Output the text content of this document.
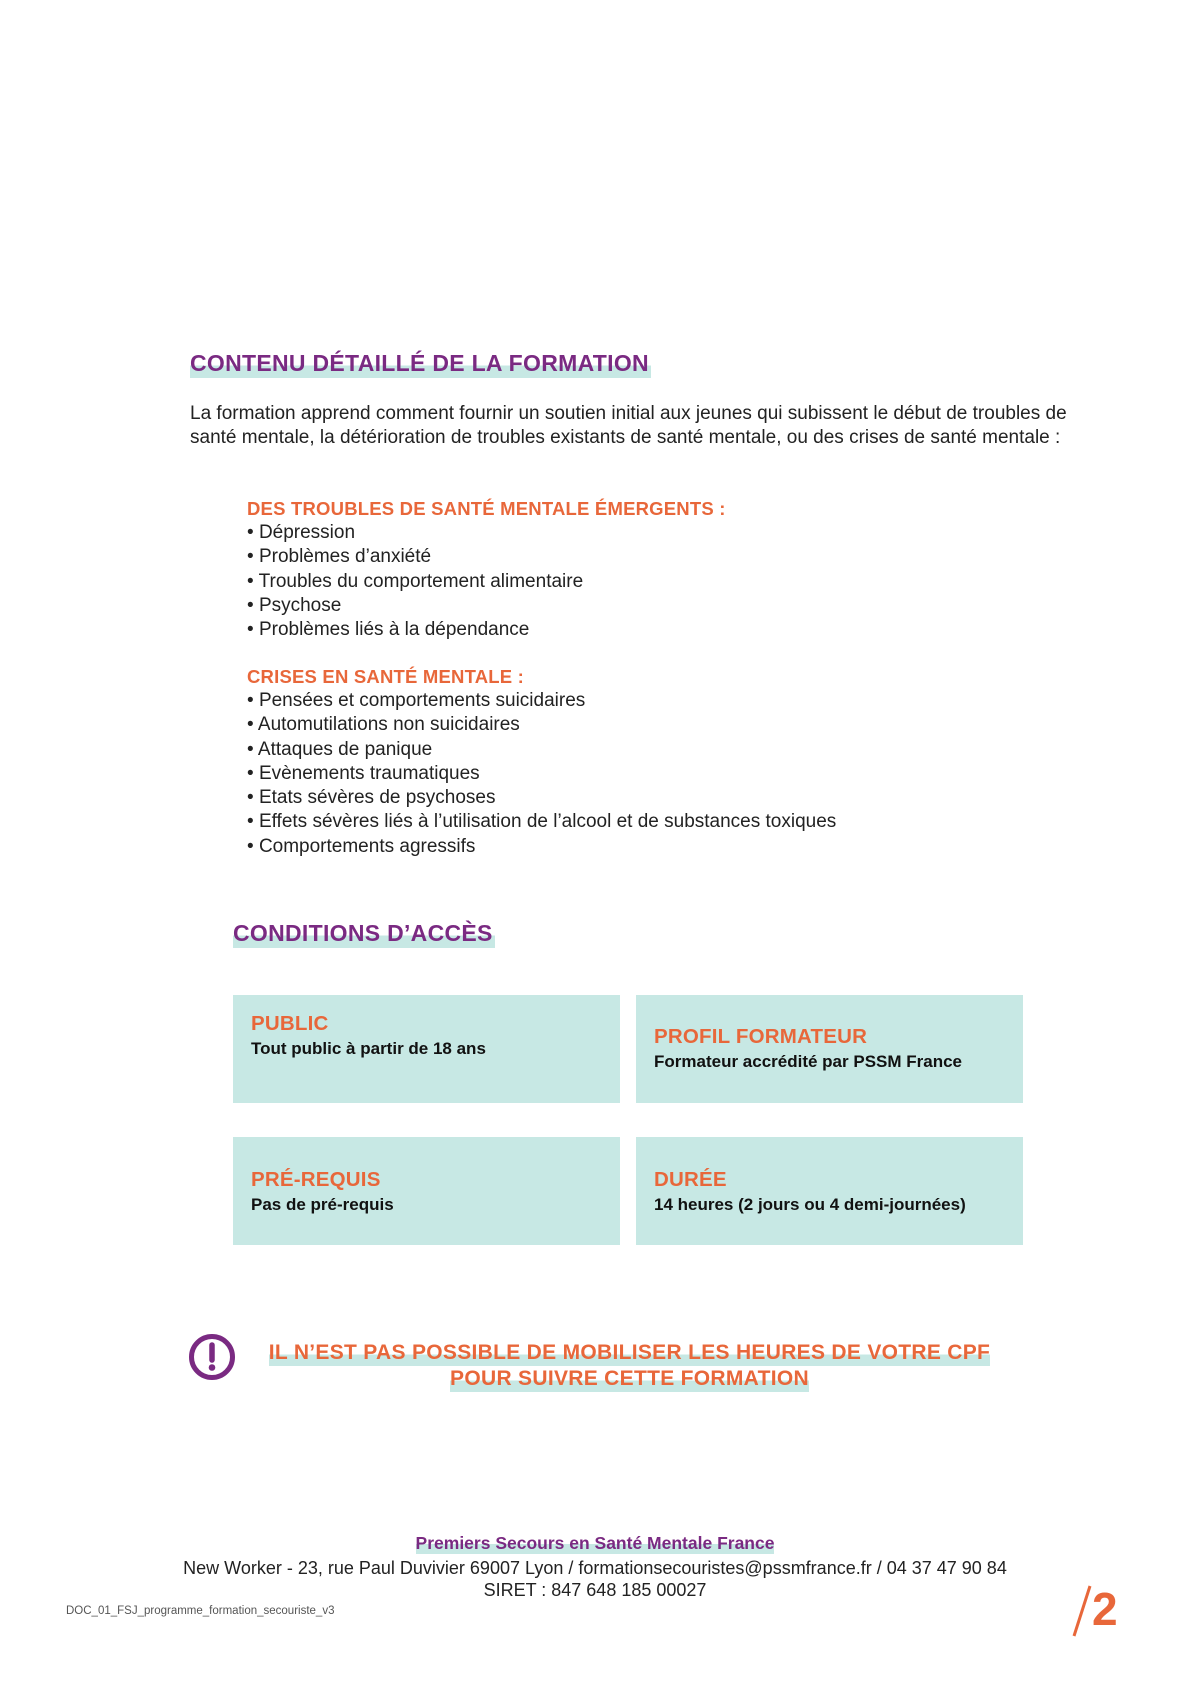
CONTENU DÉTAILLÉ DE LA FORMATION
La formation apprend comment fournir un soutien initial aux jeunes qui subissent le début de troubles de santé mentale, la détérioration de troubles existants de santé mentale, ou des crises de santé mentale :
DES TROUBLES DE SANTÉ MENTALE ÉMERGENTS :
• Dépression
• Problèmes d’anxiété
• Troubles du comportement alimentaire
• Psychose
• Problèmes liés à la dépendance
CRISES EN SANTÉ MENTALE :
• Pensées et comportements suicidaires
• Automutilations non suicidaires
• Attaques de panique
• Evènements traumatiques
• Etats sévères de psychoses
• Effets sévères liés à l’utilisation de l’alcool et de substances toxiques
• Comportements agressifs
CONDITIONS D’ACCÈS
PUBLIC
Tout public à partir de 18 ans
PROFIL FORMATEUR
Formateur accrédité par PSSM France
PRÉ-REQUIS
Pas de pré-requis
DURÉE
14 heures (2 jours ou 4 demi-journées)
IL N’EST PAS POSSIBLE DE MOBILISER LES HEURES DE VOTRE CPF
POUR SUIVRE CETTE FORMATION
Premiers Secours en Santé Mentale France
New Worker - 23, rue Paul Duvivier 69007 Lyon / formationsecouristes@pssmfrance.fr / 04 37 47 90 84
SIRET : 847 648 185 00027
DOC_01_FSJ_programme_formation_secouriste_v3	2
